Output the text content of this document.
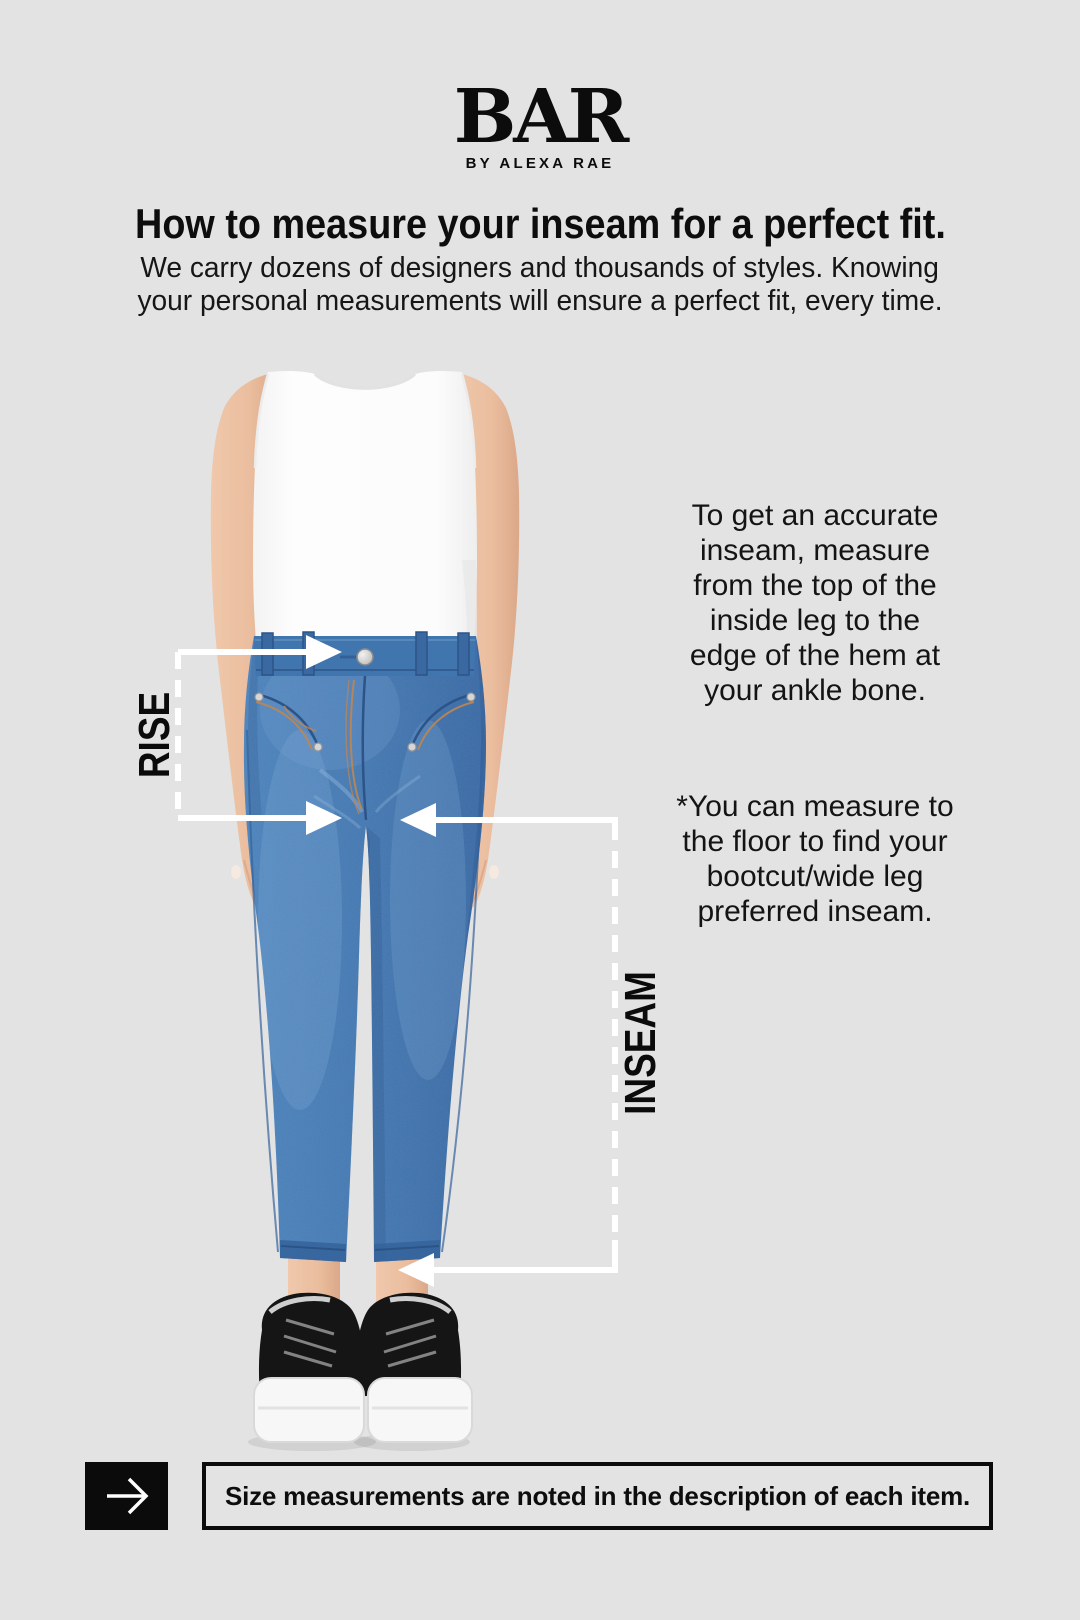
BAR
BY ALEXA RAE
How to measure your inseam for a perfect fit.
We carry dozens of designers and thousands of styles. Knowing
your personal measurements will ensure a perfect fit, every time.
RISE
INSEAM
To get an accurate
inseam, measure
from the top of the
inside leg to the
edge of the hem at
your ankle bone.
*You can measure to
the floor to find your
bootcut/wide leg
preferred inseam.
Size measurements are noted in the description of each item.
